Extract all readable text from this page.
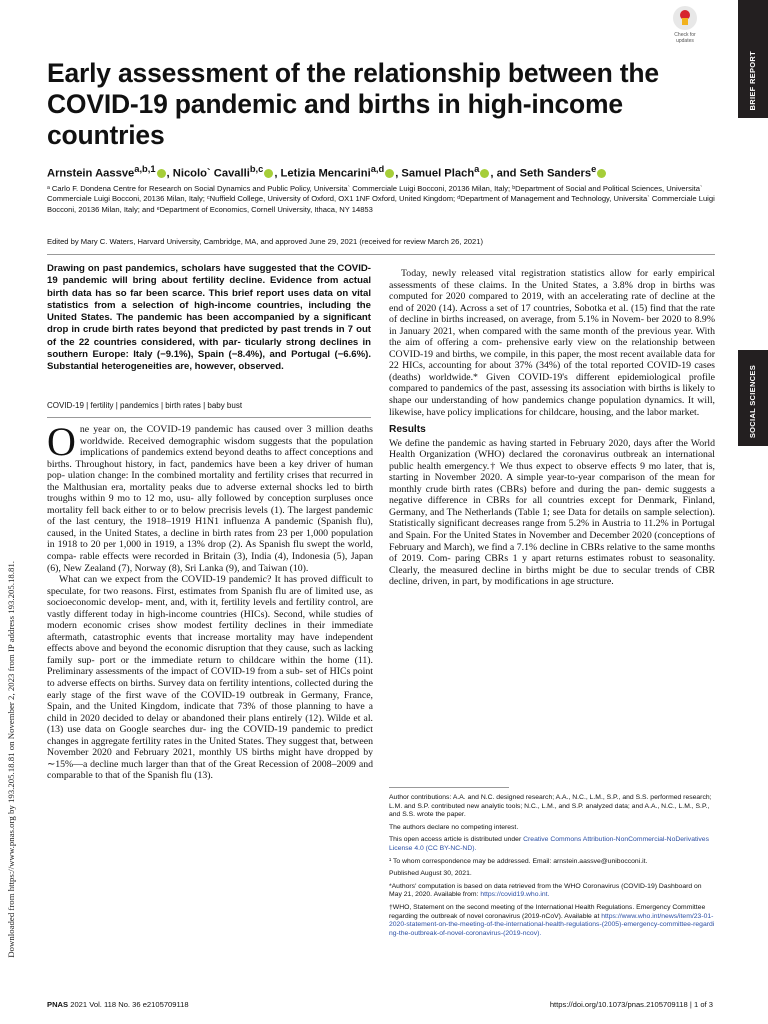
BRIEF REPORT
SOCIAL SCIENCES
Downloaded from https://www.pnas.org by 193.205.18.81 on November 2, 2023 from IP address 193.205.18.81.
Check for updates
Early assessment of the relationship between the COVID-19 pandemic and births in high-income countries
Arnstein Aassve$^{a,b,1}$ , Nicolo` Cavalli$^{b,c}$ , Letizia Mencarini$^{a,d}$ , Samuel Plach$^a$ , and Seth Sanders$^e$
ᵃ Carlo F. Dondena Centre for Research on Social Dynamics and Public Policy, Universita` Commerciale Luigi Bocconi, 20136 Milan, Italy; ᵇDepartment of Social and Political Sciences, Universita` Commerciale Luigi Bocconi, 20136 Milan, Italy; ᶜNuffield College, University of Oxford, OX1 1NF Oxford, United Kingdom; ᵈDepartment of Management and Technology, Universita` Commerciale Luigi Bocconi, 20136 Milan, Italy; and ᵉDepartment of Economics, Cornell University, Ithaca, NY 14853
Edited by Mary C. Waters, Harvard University, Cambridge, MA, and approved June 29, 2021 (received for review March 26, 2021)
Drawing on past pandemics, scholars have suggested that the COVID-19 pandemic will bring about fertility decline. Evidence from actual birth data has so far been scarce. This brief report uses data on vital statistics from a selection of high-income countries, including the United States. The pandemic has been accompanied by a significant drop in crude birth rates beyond that predicted by past trends in 7 out of the 22 countries considered, with par- ticularly strong declines in southern Europe: Italy (−9.1%), Spain (−8.4%), and Portugal (−6.6%). Substantial heterogeneities are, however, observed.
COVID-19 | fertility | pandemics | birth rates | baby bust

One year on, the COVID-19 pandemic has caused over 3 million deaths worldwide. Received demographic wisdom suggests that the population implications of pandemics extend beyond deaths to affect conceptions and births. Throughout history, in fact, pandemics have been a key driver of human pop- ulation change: In the combined mortality and fertility crises that recurred in the Malthusian era, mortality peaks due to adverse external shocks led to birth troughs within 9 mo to 12 mo, usu- ally followed by conception surpluses once mortality fell back either to or to below precrisis levels (1). The largest pandemic of the last century, the 1918–1919 H1N1 influenza A pandemic (Spanish flu), caused, in the United States, a decline in birth rates from 23 per 1,000 population in 1918 to 20 per 1,000 in 1919, a 13% drop (2). As Spanish flu swept the world, compa- rable effects were recorded in Britain (3), India (4), Indonesia (5), Japan (6), New Zealand (7), Norway (8), Sri Lanka (9), and Taiwan (10).

What can we expect from the COVID-19 pandemic? It has proved difficult to speculate, for two reasons. First, estimates from Spanish flu are of limited use, as socioeconomic develop- ment, and, with it, fertility levels and fertility control, are vastly different today in high-income countries (HICs). Second, while studies of modern economic crises show modest fertility declines in their immediate aftermath, catastrophic events that increase mortality may have independent effects above and beyond the economic disruption that they cause, such as lacking family sup- port or the immediate return to childcare within the home (11). Preliminary assessments of the impact of COVID-19 from a sub- set of HICs point to adverse effects on births. Survey data on fertility intentions, collected during the early stage of the first wave of the COVID-19 outbreak in Germany, France, Spain, and the United Kingdom, indicate that 73% of those planning to have a child in 2020 decided to delay or abandoned their plans entirely (12). Wilde et al. (13) use data on Google searches dur- ing the COVID-19 pandemic to predict changes in aggregate fertility rates in the United States. They suggest that, between November 2020 and February 2021, monthly US births might have dropped by ∼15%—a decline much larger than that of the Great Recession of 2008–2009 and comparable to that of the Spanish flu (13).

Today, newly released vital registration statistics allow for early empirical assessments of these claims. In the United States, a 3.8% drop in births was computed for 2020 compared to 2019, with an accelerating rate of decline at the end of 2020 (14). Across a set of 17 countries, Sobotka et al. (15) find that the rate of decline in births increased, on average, from 5.1% in Novem- ber 2020 to 8.9% in January 2021, when compared with the same month of the previous year. With the aim of offering a com- prehensive early view on the relationship between COVID-19 and births, we compile, in this paper, the most recent available data for 22 HICs, accounting for about 37% (34%) of the total reported COVID-19 cases (deaths) worldwide.* Given COVID-19's different epidemiological profile compared to pandemics of the past, assessing its association with births is likely to shape our understanding of how pandemics change population dynamics. It will, likewise, have policy implications for childcare, housing, and the labor market.

Results

We define the pandemic as having started in February 2020, days after the World Health Organization (WHO) declared the coronavirus outbreak an international public health emergency.† We thus expect to observe effects 9 mo later, that is, starting in November 2020. A simple year-to-year comparison of the mean for monthly crude birth rates (CBRs) before and during the pan- demic suggests a negative difference in CBRs for all countries except for Denmark, Finland, Germany, and The Netherlands (Table 1; see Data for details on sample selection). Statistically significant decreases range from 5.2% in Austria to 11.2% in Portugal and Spain. For the United States in November and December 2020 (conceptions of February and March), we find a 7.1% decline in CBRs relative to the same months of 2019. Com- paring CBRs 1 y apart returns estimates robust to seasonality. Clearly, the measured decline in births might be due to secular trends of CBR decline, driven, in part, by modifications in age structure.

Author contributions: A.A. and N.C. designed research; A.A., N.C., L.M., S.P., and S.S. performed research; L.M. and S.P. contributed new analytic tools; N.C., L.M., and S.P. analyzed data; and A.A., N.C., L.M., S.P., and S.S. wrote the paper.

The authors declare no competing interest.

This open access article is distributed under Creative Commons Attribution-NonCommercial-NoDerivatives License 4.0 (CC BY-NC-ND).

¹ To whom correspondence may be addressed. Email: arnstein.aassve@unibocconi.it.

Published August 30, 2021.

*Authors' computation is based on data retrieved from the WHO Coronavirus (COVID-19) Dashboard on May 21, 2020. Available from: https://covid19.who.int.

†WHO, Statement on the second meeting of the International Health Regulations. Emergency Committee regarding the outbreak of novel coronavirus (2019-nCoV). Available at https://www.who.int/news/item/23-01-2020-statement-on-the-meeting-of-the-international-health-regulations-(2005)-emergency-committee-regarding-the-outbreak-of-novel-coronavirus-(2019-ncov).

PNAS 2021 Vol. 118 No. 36 e2105709118	https://doi.org/10.1073/pnas.2105709118 | 1 of 3
